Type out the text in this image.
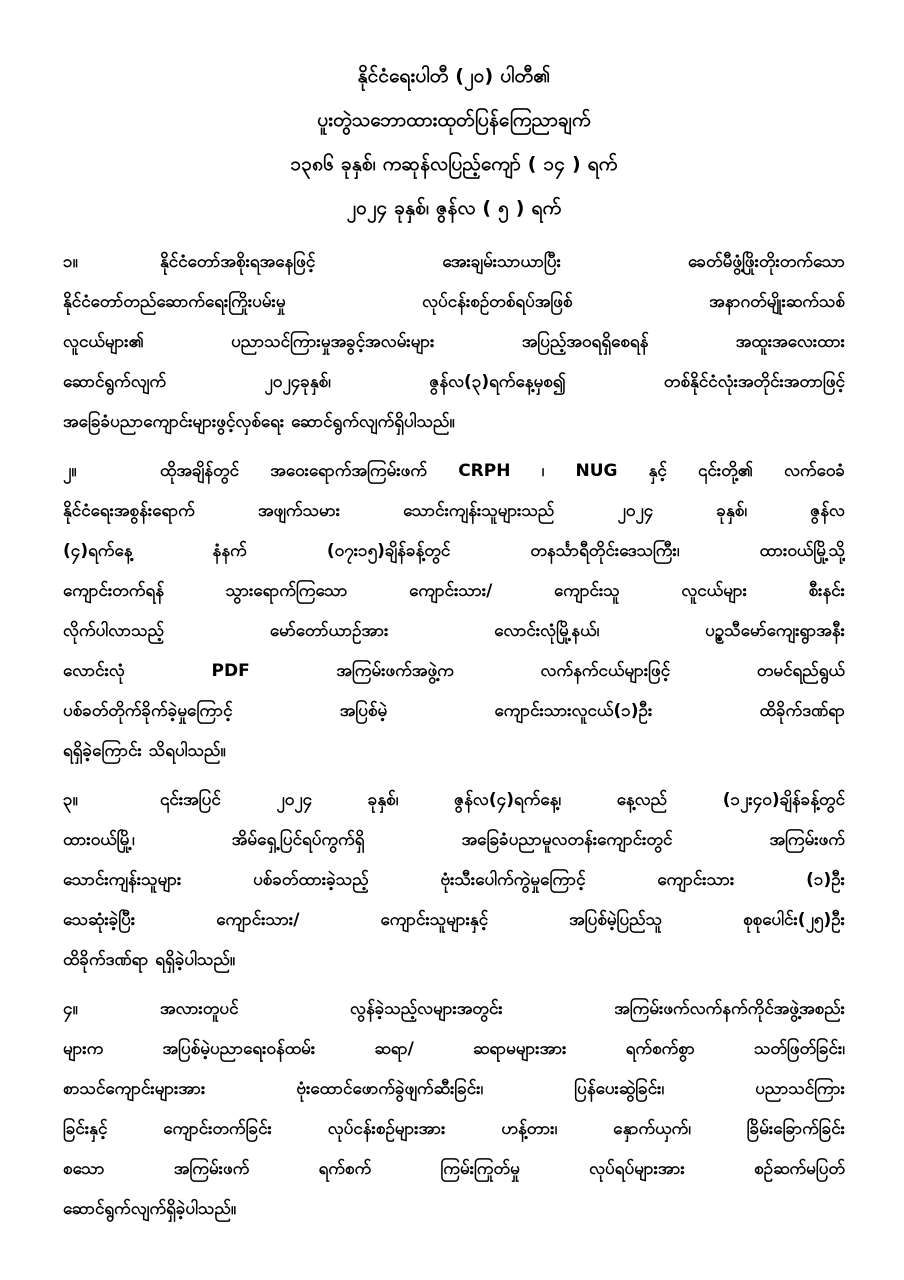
နိုင်ငံရေးပါတီ (၂၀) ပါတီ၏
ပူးတွဲသဘောထားထုတ်ပြန်ကြေညာချက်
၁၃၈၆ ခုနှစ်၊ ကဆုန်လပြည့်ကျော် ( ၁၄ ) ရက်
၂၀၂၄ ခုနှစ်၊ ဇွန်လ ( ၅ ) ရက်
၁။	နိုင်ငံတော်အစိုးရအနေဖြင့် အေးချမ်းသာယာပြီး ခေတ်မီဖွံ့ဖြိုးတိုးတက်သော
နိုင်ငံတော်တည်ဆောက်ရေးကြိုးပမ်းမှု လုပ်ငန်းစဉ်တစ်ရပ်အဖြစ် အနာဂတ်မျိုးဆက်သစ်
လူငယ်များ၏ ပညာသင်ကြားမှုအခွင့်အလမ်းများ အပြည့်အဝရရှိစေရန် အထူးအလေးထား
ဆောင်ရွက်လျက် ၂၀၂၄ခုနှစ်၊ ဇွန်လ(၃)ရက်နေ့မှစ၍ တစ်နိုင်ငံလုံးအတိုင်းအတာဖြင့်
အခြေခံပညာကျောင်းများဖွင့်လှစ်ရေး ဆောင်ရွက်လျက်ရှိပါသည်။
၂။	ထိုအချိန်တွင် အဝေးရောက်အကြမ်းဖက် CRPH ၊ NUG နှင့် ၎င်းတို့၏ လက်ဝေခံ
နိုင်ငံရေးအစွန်းရောက် အဖျက်သမား သောင်းကျန်းသူများသည် ၂၀၂၄ ခုနှစ်၊ ဇွန်လ
(၄)ရက်နေ့ နံနက် (၀၇း၁၅)ချိန်ခန့်တွင် တနင်္သာရီတိုင်းဒေသကြီး၊ ထားဝယ်မြို့သို့
ကျောင်းတက်ရန် သွားရောက်ကြသော ကျောင်းသား/ ကျောင်းသူ လူငယ်များ စီးနင်း
လိုက်ပါလာသည့် မော်တော်ယာဉ်အား လောင်းလုံမြို့နယ်၊ ပဉ္စသီမော်ကျေးရွာအနီး
လောင်းလုံ PDF အကြမ်းဖက်အဖွဲ့က လက်နက်ငယ်များဖြင့် တမင်ရည်ရွယ်
ပစ်ခတ်တိုက်ခိုက်ခဲ့မှုကြောင့် အပြစ်မဲ့ ကျောင်းသားလူငယ်(၁)ဦး ထိခိုက်ဒဏ်ရာ
ရရှိခဲ့ကြောင်း သိရပါသည်။
၃။	၎င်းအပြင် ၂၀၂၄ ခုနှစ်၊ ဇွန်လ(၄)ရက်နေ့၊ နေ့လည် (၁၂း၄၀)ချိန်ခန့်တွင်
ထားဝယ်မြို့၊ အိမ်ရှေ့ပြင်ရပ်ကွက်ရှိ အခြေခံပညာမူလတန်းကျောင်းတွင် အကြမ်းဖက်
သောင်းကျန်းသူများ ပစ်ခတ်ထားခဲ့သည့် ဗုံးသီးပေါက်ကွဲမှုကြောင့် ကျောင်းသား (၁)ဦး
သေဆုံးခဲ့ပြီး ကျောင်းသား/ ကျောင်းသူများနှင့် အပြစ်မဲ့ပြည်သူ စုစုပေါင်း(၂၅)ဦး
ထိခိုက်ဒဏ်ရာ ရရှိခဲ့ပါသည်။
၄။	အလားတူပင် လွန်ခဲ့သည့်လများအတွင်း အကြမ်းဖက်လက်နက်ကိုင်အဖွဲ့အစည်း
များက အပြစ်မဲ့ပညာရေးဝန်ထမ်း ဆရာ/ ဆရာမများအား ရက်စက်စွာ သတ်ဖြတ်ခြင်း၊
စာသင်ကျောင်းများအား ဗုံးထောင်ဖောက်ခွဲဖျက်ဆီးခြင်း၊ ပြန်ပေးဆွဲခြင်း၊ ပညာသင်ကြား
ခြင်းနှင့် ကျောင်းတက်ခြင်း လုပ်ငန်းစဉ်များအား ဟန့်တား၊ နှောက်ယှက်၊ ခြိမ်းခြောက်ခြင်း
စသော အကြမ်းဖက် ရက်စက် ကြမ်းကြုတ်မှု လုပ်ရပ်များအား စဉ်ဆက်မပြတ်
ဆောင်ရွက်လျက်ရှိခဲ့ပါသည်။
